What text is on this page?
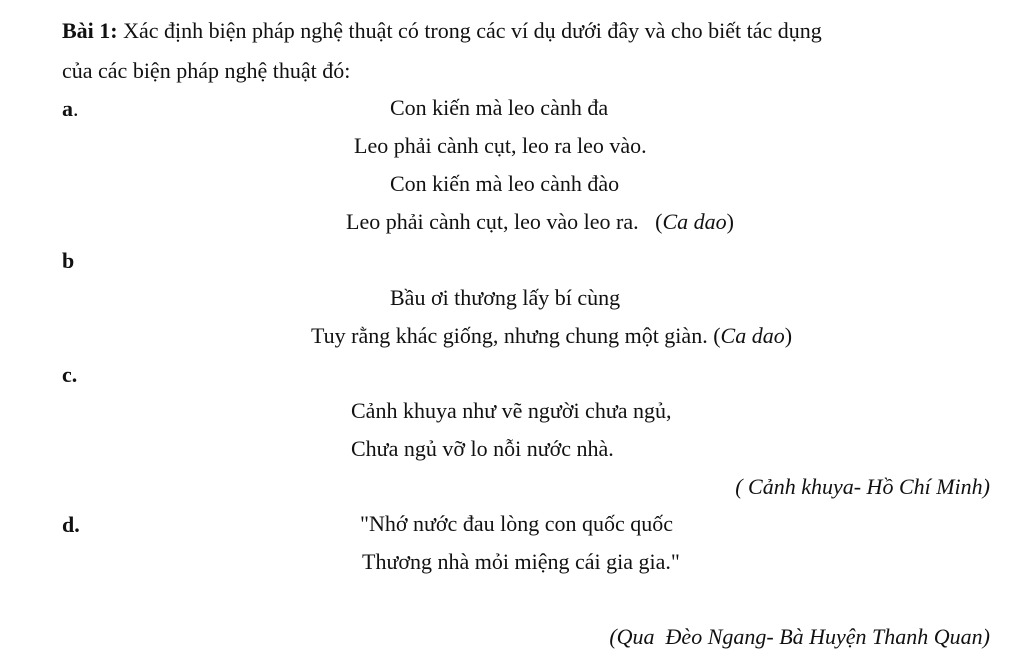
Bài 1: Xác định biện pháp nghệ thuật có trong các ví dụ dưới đây và cho biết tác dụng
của các biện pháp nghệ thuật đó:
a.	Con kiến mà leo cành đa
Leo phải cành cụt, leo ra leo vào.
Con kiến mà leo cành đào
Leo phải cành cụt, leo vào leo ra.   (Ca dao)
b
Bầu ơi thương lấy bí cùng
Tuy rằng khác giống, nhưng chung một giàn. (Ca dao)
c.
Cảnh khuya như vẽ người chưa ngủ,
Chưa ngủ vỡ lo nỗi nước nhà.
( Cảnh khuya- Hồ Chí Minh)
d.	"Nhớ nước đau lòng con quốc quốc
Thương nhà mỏi miệng cái gia gia."
(Qua  Đèo Ngang- Bà Huyện Thanh Quan)
